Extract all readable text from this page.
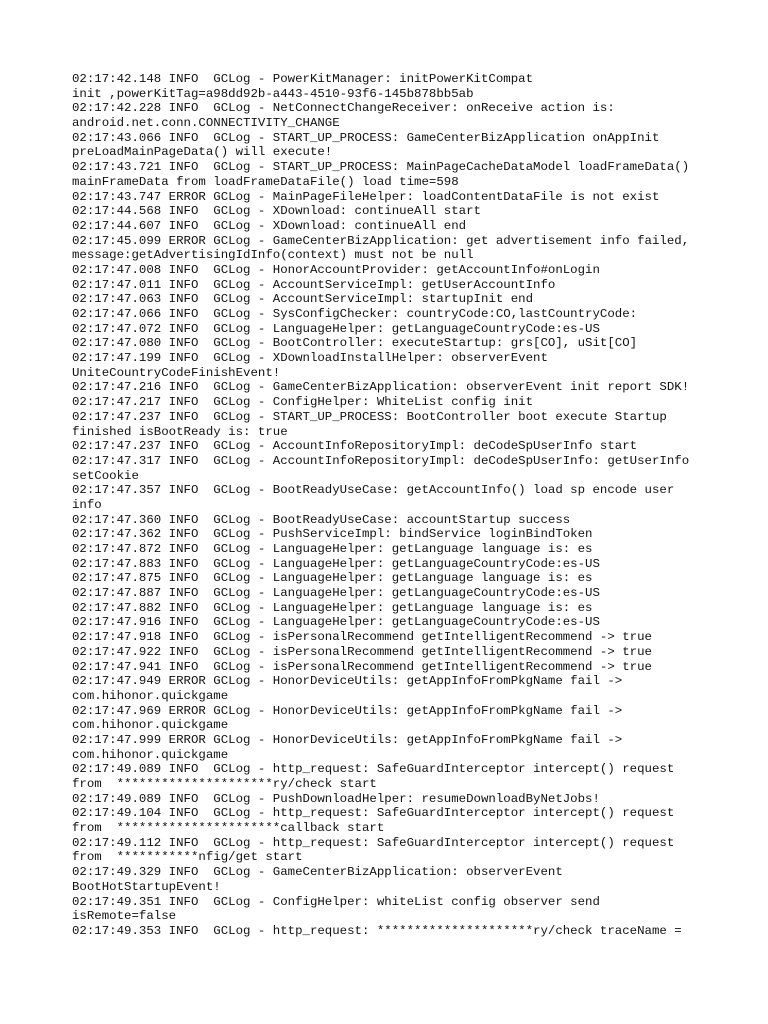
02:17:42.148 INFO  GCLog - PowerKitManager: initPowerKitCompat
init ,powerKitTag=a98dd92b-a443-4510-93f6-145b878bb5ab
02:17:42.228 INFO  GCLog - NetConnectChangeReceiver: onReceive action is:
android.net.conn.CONNECTIVITY_CHANGE
02:17:43.066 INFO  GCLog - START_UP_PROCESS: GameCenterBizApplication onAppInit
preLoadMainPageData() will execute!
02:17:43.721 INFO  GCLog - START_UP_PROCESS: MainPageCacheDataModel loadFrameData()
mainFrameData from loadFrameDataFile() load time=598
02:17:43.747 ERROR GCLog - MainPageFileHelper: loadContentDataFile is not exist
02:17:44.568 INFO  GCLog - XDownload: continueAll start
02:17:44.607 INFO  GCLog - XDownload: continueAll end
02:17:45.099 ERROR GCLog - GameCenterBizApplication: get advertisement info failed,
message:getAdvertisingIdInfo(context) must not be null
02:17:47.008 INFO  GCLog - HonorAccountProvider: getAccountInfo#onLogin
02:17:47.011 INFO  GCLog - AccountServiceImpl: getUserAccountInfo
02:17:47.063 INFO  GCLog - AccountServiceImpl: startupInit end
02:17:47.066 INFO  GCLog - SysConfigChecker: countryCode:CO,lastCountryCode:
02:17:47.072 INFO  GCLog - LanguageHelper: getLanguageCountryCode:es-US
02:17:47.080 INFO  GCLog - BootController: executeStartup: grs[CO], uSit[CO]
02:17:47.199 INFO  GCLog - XDownloadInstallHelper: observerEvent
UniteCountryCodeFinishEvent!
02:17:47.216 INFO  GCLog - GameCenterBizApplication: observerEvent init report SDK!
02:17:47.217 INFO  GCLog - ConfigHelper: WhiteList config init
02:17:47.237 INFO  GCLog - START_UP_PROCESS: BootController boot execute Startup
finished isBootReady is: true
02:17:47.237 INFO  GCLog - AccountInfoRepositoryImpl: deCodeSpUserInfo start
02:17:47.317 INFO  GCLog - AccountInfoRepositoryImpl: deCodeSpUserInfo: getUserInfo
setCookie
02:17:47.357 INFO  GCLog - BootReadyUseCase: getAccountInfo() load sp encode user
info
02:17:47.360 INFO  GCLog - BootReadyUseCase: accountStartup success
02:17:47.362 INFO  GCLog - PushServiceImpl: bindService loginBindToken
02:17:47.872 INFO  GCLog - LanguageHelper: getLanguage language is: es
02:17:47.883 INFO  GCLog - LanguageHelper: getLanguageCountryCode:es-US
02:17:47.875 INFO  GCLog - LanguageHelper: getLanguage language is: es
02:17:47.887 INFO  GCLog - LanguageHelper: getLanguageCountryCode:es-US
02:17:47.882 INFO  GCLog - LanguageHelper: getLanguage language is: es
02:17:47.916 INFO  GCLog - LanguageHelper: getLanguageCountryCode:es-US
02:17:47.918 INFO  GCLog - isPersonalRecommend getIntelligentRecommend -> true
02:17:47.922 INFO  GCLog - isPersonalRecommend getIntelligentRecommend -> true
02:17:47.941 INFO  GCLog - isPersonalRecommend getIntelligentRecommend -> true
02:17:47.949 ERROR GCLog - HonorDeviceUtils: getAppInfoFromPkgName fail ->
com.hihonor.quickgame
02:17:47.969 ERROR GCLog - HonorDeviceUtils: getAppInfoFromPkgName fail ->
com.hihonor.quickgame
02:17:47.999 ERROR GCLog - HonorDeviceUtils: getAppInfoFromPkgName fail ->
com.hihonor.quickgame
02:17:49.089 INFO  GCLog - http_request: SafeGuardInterceptor intercept() request
from  *********************ry/check start
02:17:49.089 INFO  GCLog - PushDownloadHelper: resumeDownloadByNetJobs!
02:17:49.104 INFO  GCLog - http_request: SafeGuardInterceptor intercept() request
from  **********************callback start
02:17:49.112 INFO  GCLog - http_request: SafeGuardInterceptor intercept() request
from  ***********nfig/get start
02:17:49.329 INFO  GCLog - GameCenterBizApplication: observerEvent
BootHotStartupEvent!
02:17:49.351 INFO  GCLog - ConfigHelper: whiteList config observer send
isRemote=false
02:17:49.353 INFO  GCLog - http_request: *********************ry/check traceName =
